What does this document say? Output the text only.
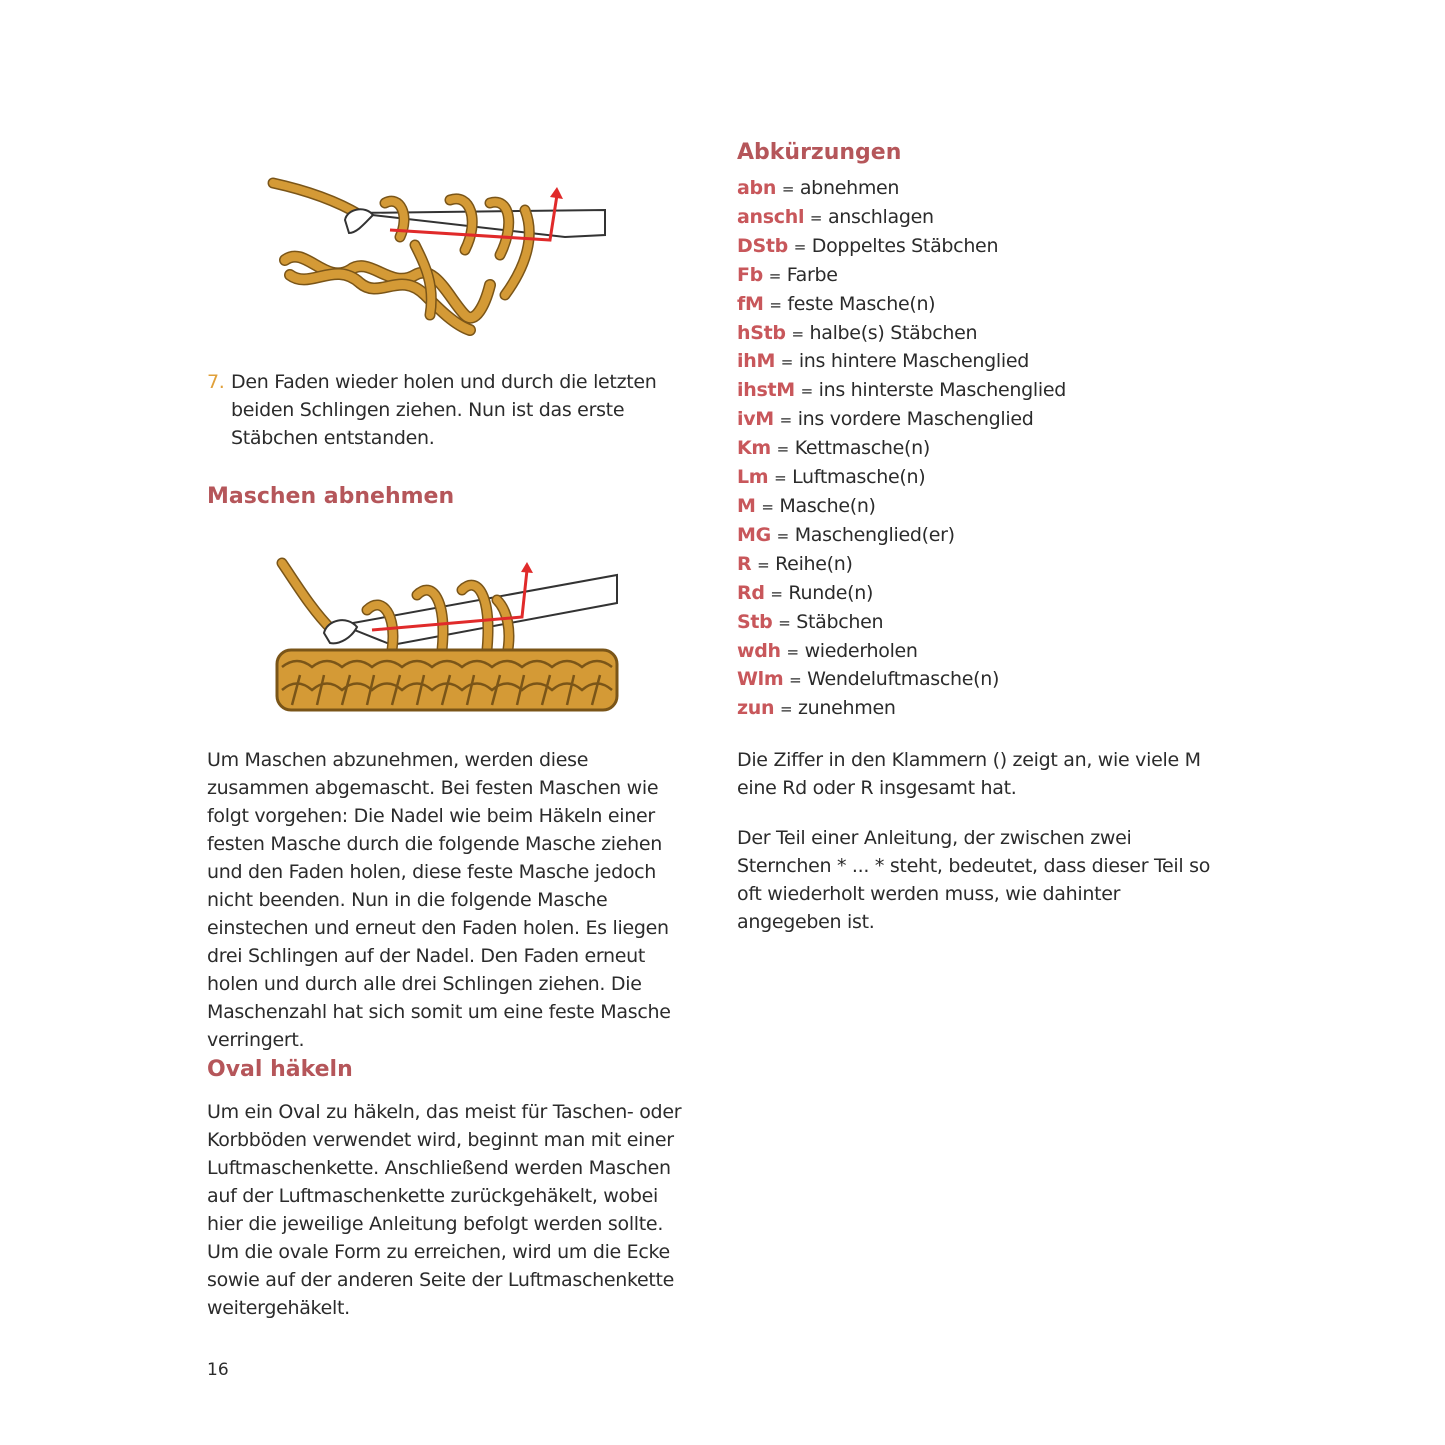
7. Den Faden wieder holen und durch die letzten beiden Schlingen ziehen. Nun ist das erste Stäbchen entstanden.
Maschen abnehmen

Um Maschen abzunehmen, werden diese zusammen abgemascht. Bei festen Maschen wie folgt vorgehen: Die Nadel wie beim Häkeln einer festen Masche durch die folgende Masche ziehen und den Faden holen, diese feste Masche jedoch nicht beenden. Nun in die folgende Masche einstechen und erneut den Faden holen. Es liegen drei Schlingen auf der Nadel. Den Faden erneut holen und durch alle drei Schlingen ziehen. Die Maschenzahl hat sich somit um eine feste Masche verringert.

Oval häkeln

Um ein Oval zu häkeln, das meist für Taschen- oder Korbböden verwendet wird, beginnt man mit einer Luftmaschenkette. Anschließend werden Maschen auf der Luftmaschenkette zurückgehäkelt, wobei hier die jeweilige Anleitung befolgt werden sollte. Um die ovale Form zu erreichen, wird um die Ecke sowie auf der anderen Seite der Luftmaschenkette weitergehäkelt.

Abkürzungen
abn = abnehmen
anschl = anschlagen
DStb = Doppeltes Stäbchen
Fb = Farbe
fM = feste Masche(n)
hStb = halbe(s) Stäbchen
ihM = ins hintere Maschenglied
ihstM = ins hinterste Maschenglied
ivM = ins vordere Maschenglied
Km = Kettmasche(n)
Lm = Luftmasche(n)
M = Masche(n)
MG = Maschenglied(er)
R = Reihe(n)
Rd = Runde(n)
Stb = Stäbchen
wdh = wiederholen
Wlm = Wendeluftmasche(n)
zun = zunehmen

Die Ziffer in den Klammern () zeigt an, wie viele M eine Rd oder R insgesamt hat.

Der Teil einer Anleitung, der zwischen zwei Sternchen * ... * steht, bedeutet, dass dieser Teil so oft wiederholt werden muss, wie dahinter angegeben ist.

16
